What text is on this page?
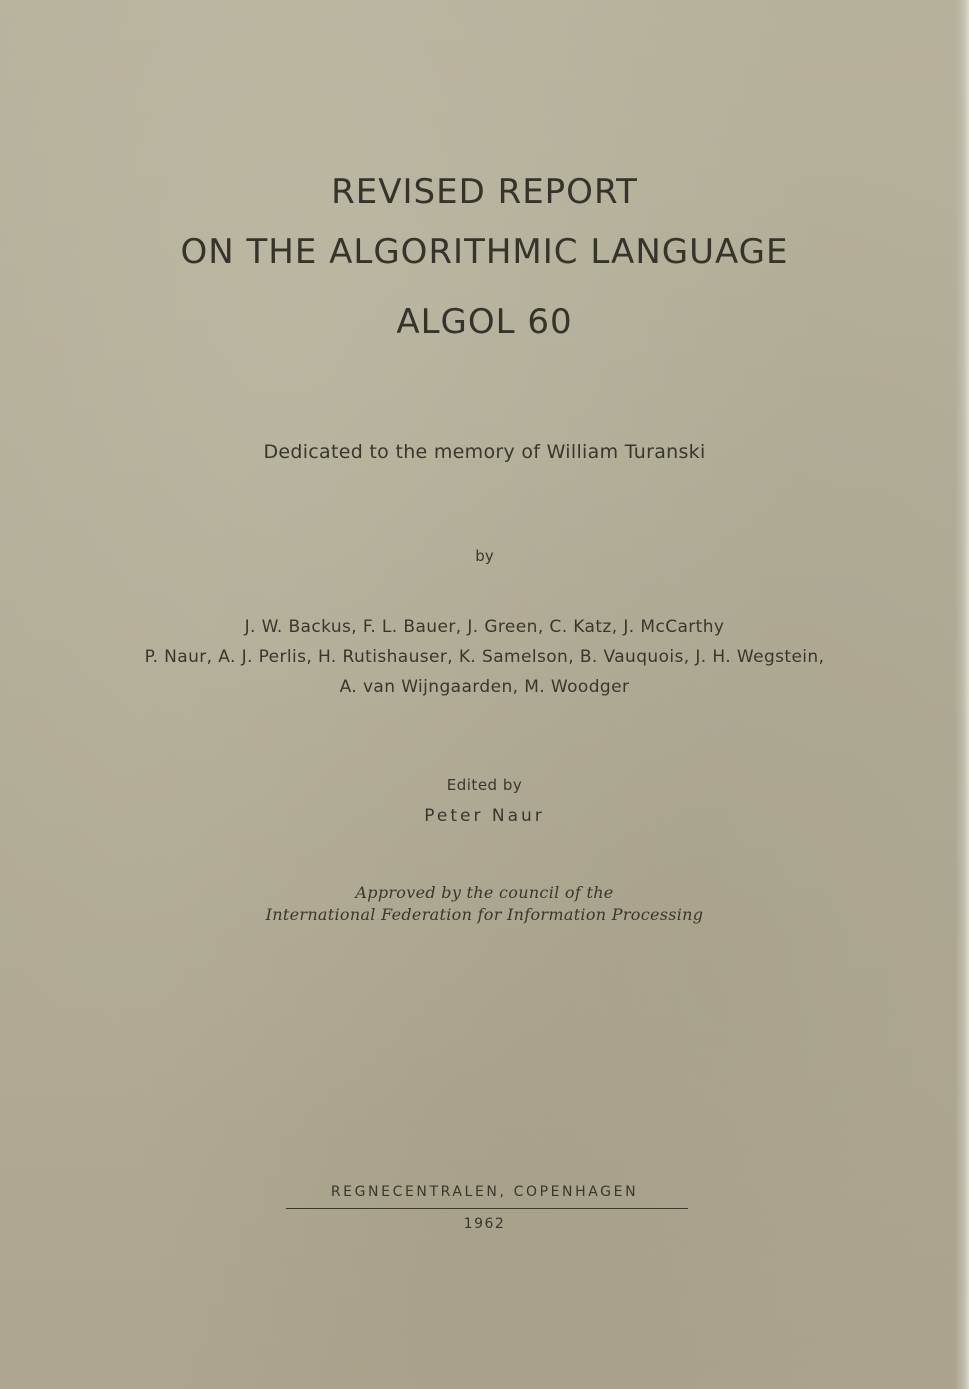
REVISED REPORT
ON THE ALGORITHMIC LANGUAGE
ALGOL 60
Dedicated to the memory of William Turanski
by
J. W. Backus, F. L. Bauer, J. Green, C. Katz, J. McCarthy
P. Naur, A. J. Perlis, H. Rutishauser, K. Samelson, B. Vauquois, J. H. Wegstein,
A. van Wijngaarden, M. Woodger
Edited by
Peter Naur
Approved by the council of the
International Federation for Information Processing
REGNECENTRALEN, COPENHAGEN
1962
